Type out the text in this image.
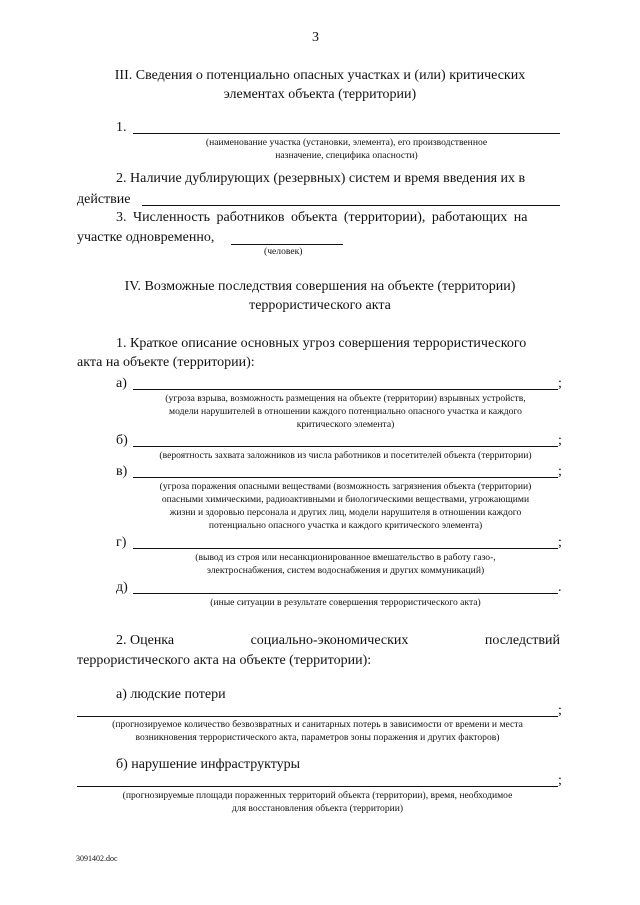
3
III. Сведения о потенциально опасных участках и (или) критических
элементах объекта (территории)
1.
(наименование участка (установки, элемента), его производственное
назначение, специфика опасности)
2. Наличие дублирующих (резервных) систем и время введения их в
действие
3. Численность работников объекта (территории), работающих на
участке одновременно,
(человек)
IV. Возможные последствия совершения на объекте (территории)
террористического акта
1. Краткое описание основных угроз совершения террористического
акта на объекте (территории):
а)	;
(угроза взрыва, возможность размещения на объекте (территории) взрывных устройств,
модели нарушителей в отношении каждого потенциально опасного участка и каждого
критического элемента)
б)	;
(вероятность захвата заложников из числа работников и посетителей объекта (территории)
в)	;
(угроза поражения опасными веществами (возможность загрязнения объекта (территории)
опасными химическими, радиоактивными и биологическими веществами, угрожающими
жизни и здоровью персонала и других лиц, модели нарушителя в отношении каждого
потенциально опасного участка и каждого критического элемента)
г)	;
(вывод из строя или несанкционированное вмешательство в работу газо-,
электроснабжения, систем водоснабжения и других коммуникаций)
д)	.
(иные ситуации в результате совершения террористического акта)
2. Оценка	социально-экономических	последствий
террористического акта на объекте (территории):
а) людские потери
;
(прогнозируемое количество безвозвратных и санитарных потерь в зависимости от времени и места
возникновения террористического акта, параметров зоны поражения и других факторов)
б) нарушение инфраструктуры
;
(прогнозируемые площади пораженных территорий объекта (территории), время, необходимое
для восстановления объекта (территории)
3091402.doc
